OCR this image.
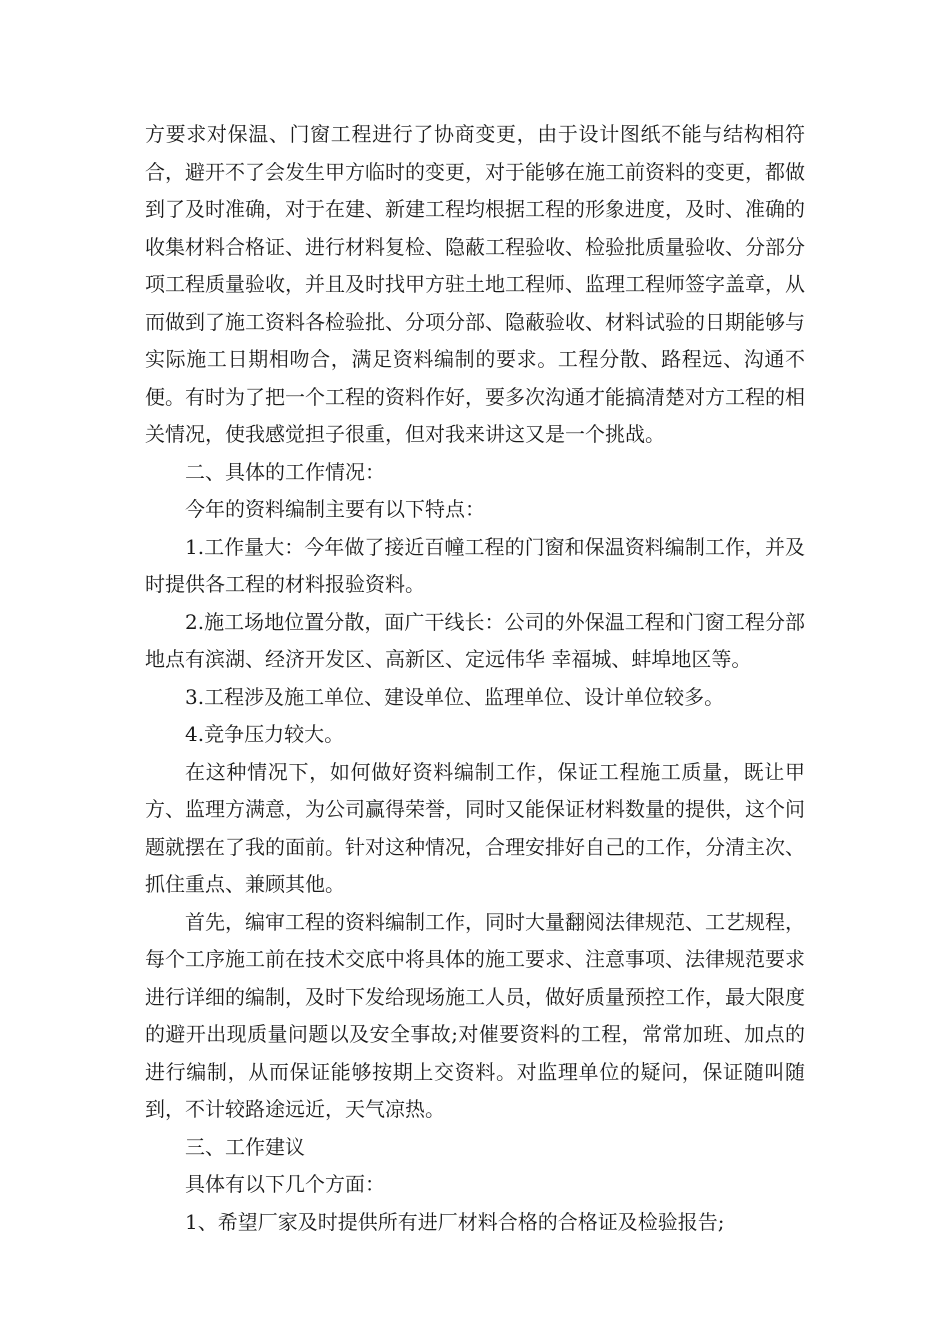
方要求对保温、门窗工程进行了协商变更，由于设计图纸不能与结构相符合，避开不了会发生甲方临时的变更，对于能够在施工前资料的变更，都做到了及时准确，对于在建、新建工程均根据工程的形象进度，及时、准确的收集材料合格证、进行材料复检、隐蔽工程验收、检验批质量验收、分部分项工程质量验收，并且及时找甲方驻土地工程师、监理工程师签字盖章，从而做到了施工资料各检验批、分项分部、隐蔽验收、材料试验的日期能够与实际施工日期相吻合，满足资料编制的要求。工程分散、路程远、沟通不便。有时为了把一个工程的资料作好，要多次沟通才能搞清楚对方工程的相关情况，使我感觉担子很重，但对我来讲这又是一个挑战。

二、具体的工作情况：

今年的资料编制主要有以下特点：

1.工作量大：今年做了接近百幢工程的门窗和保温资料编制工作，并及时提供各工程的材料报验资料。

2.施工场地位置分散，面广干线长：公司的外保温工程和门窗工程分部地点有滨湖、经济开发区、高新区、定远伟华 幸福城、蚌埠地区等。

3.工程涉及施工单位、建设单位、监理单位、设计单位较多。

4.竞争压力较大。

在这种情况下，如何做好资料编制工作，保证工程施工质量，既让甲方、监理方满意，为公司赢得荣誉，同时又能保证材料数量的提供，这个问题就摆在了我的面前。针对这种情况，合理安排好自己的工作，分清主次、抓住重点、兼顾其他。

首先，编审工程的资料编制工作，同时大量翻阅法律规范、工艺规程，每个工序施工前在技术交底中将具体的施工要求、注意事项、法律规范要求进行详细的编制，及时下发给现场施工人员，做好质量预控工作，最大限度的避开出现质量问题以及安全事故;对催要资料的工程，常常加班、加点的进行编制，从而保证能够按期上交资料。对监理单位的疑问，保证随叫随到，不计较路途远近，天气凉热。

三、工作建议

具体有以下几个方面：

1、希望厂家及时提供所有进厂材料合格的合格证及检验报告;
